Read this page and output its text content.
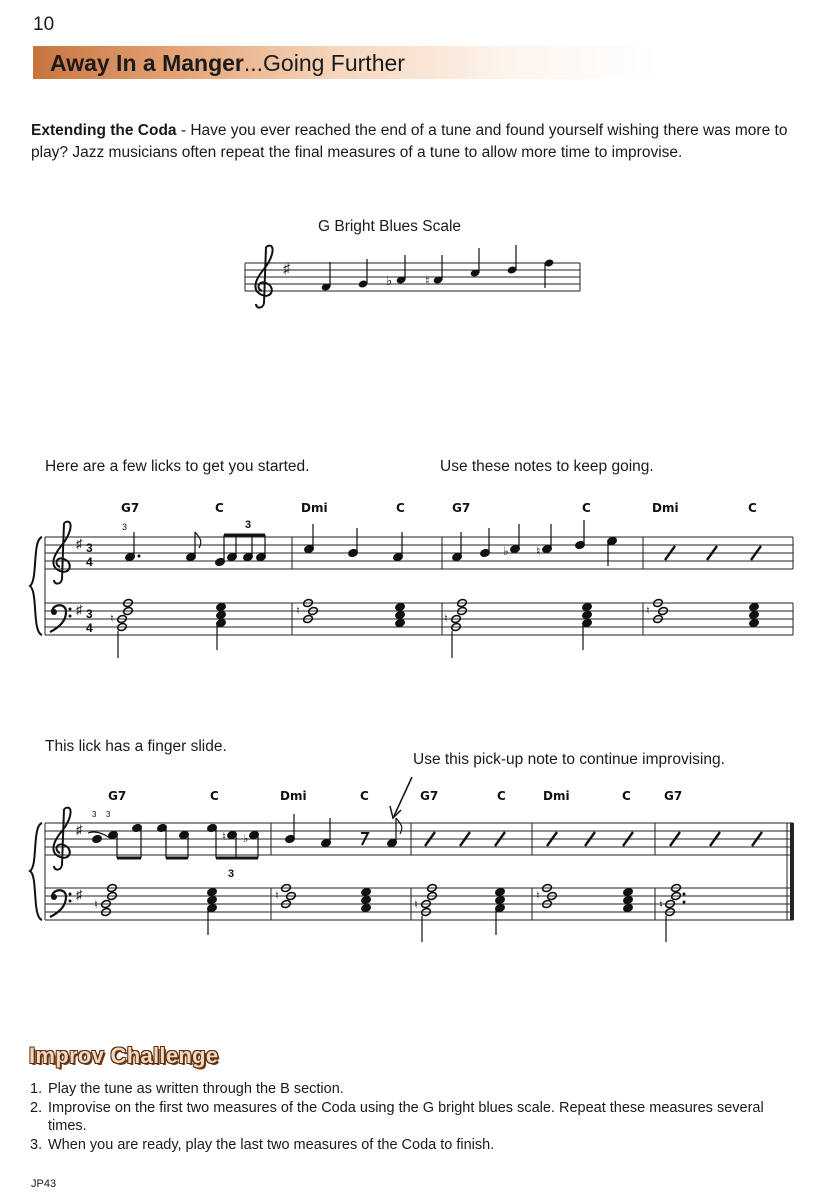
10
Away In a Manger...Going Further
Extending the Coda - Have you ever reached the end of a tune and found yourself wishing there was more to play? Jazz musicians often repeat the final measures of a tune to allow more time to improvise.
G Bright Blues Scale
Here are a few licks to get you started.	Use these notes to keep going.
This lick has a finger slide.
Use this pick-up note to continue improvising.
♯
♭	♮
♯
♯
3
4
3
4
G7	C	Dmi	C	G7	C	Dmi	C
3	3
♭ ♮
♮
♮
♮
♮
♯
♯
G7	C	Dmi	C	G7	C	Dmi	C	G7
3 3
♮ ♭
3
♮
♮
♮
♮
♮
Improv Challenge
1. Play the tune as written through the B section.
2. Improvise on the first two measures of the Coda using the G bright blues scale. Repeat these measures several times.
3. When you are ready, play the last two measures of the Coda to finish.
JP43
